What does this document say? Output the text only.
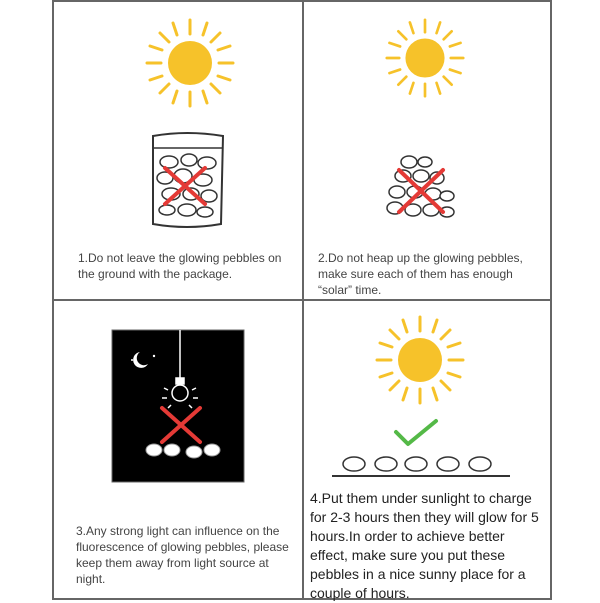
1.Do not leave the glowing pebbles on the ground with the package.
2.Do not heap up the glowing pebbles, make sure each of them has enough “solar” time.
3.Any strong light can influence on the fluorescence of glowing pebbles, please keep them away from light source at night.
4.Put them under sunlight to charge for 2-3 hours then they will glow for 5 hours.In order to achieve better effect, make sure you put these pebbles in a nice sunny place for a couple of hours.
